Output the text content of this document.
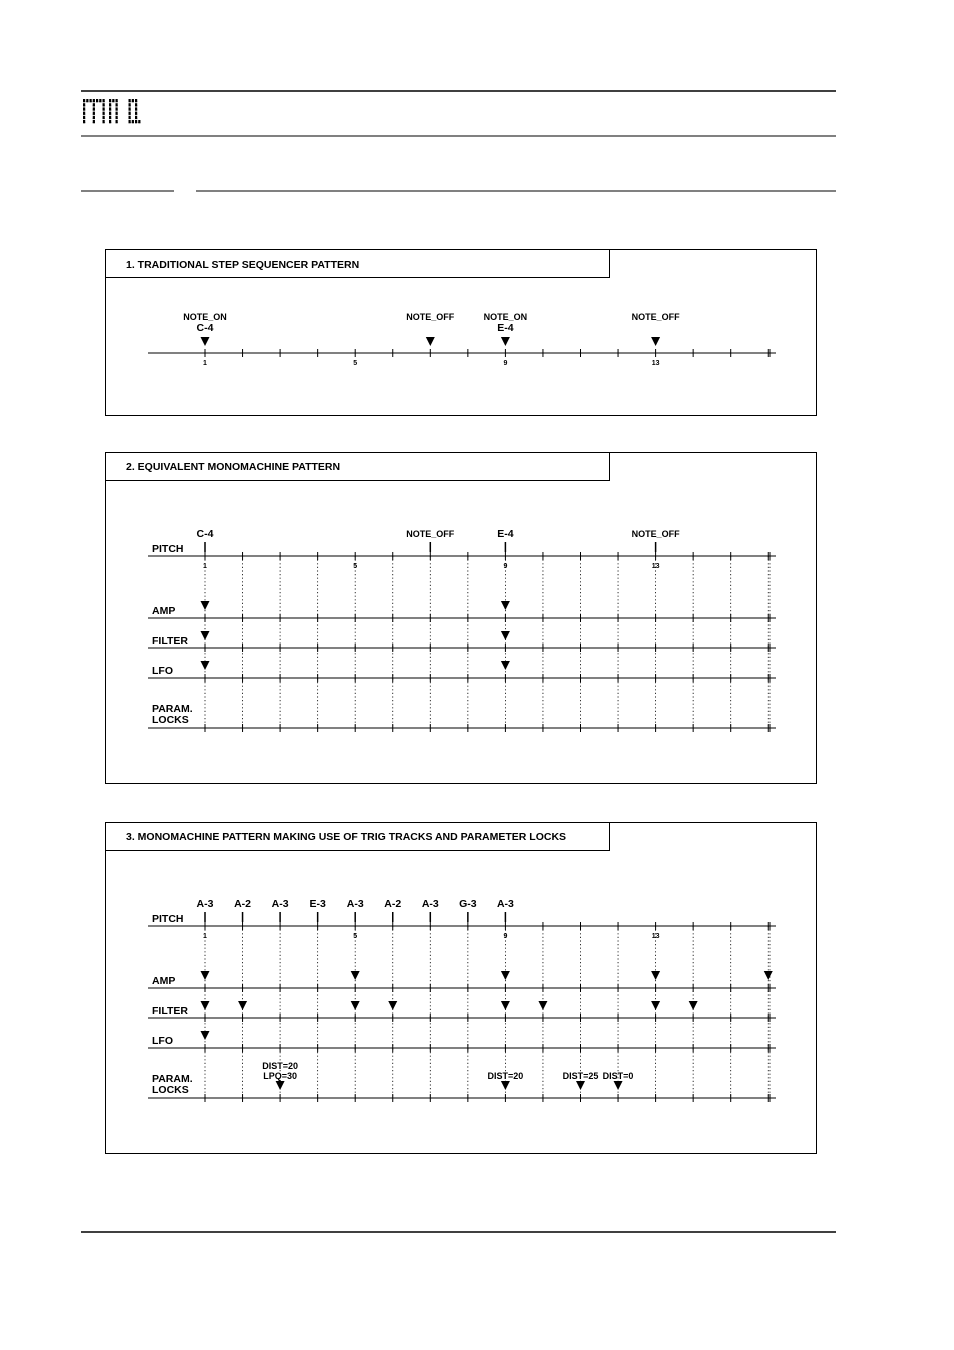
1. TRADITIONAL STEP SEQUENCER PATTERN
1	5	9	13
NOTE_ON
C-4
NOTE_OFF	NOTE_ON
E-4
NOTE_OFF
2. EQUIVALENT MONOMACHINE PATTERN
PITCH
1	5	9	13
C-4	NOTE_OFF	E-4	NOTE_OFF
AMP
FILTER
LFO
PARAM.
LOCKS
3. MONOMACHINE PATTERN MAKING USE OF TRIG TRACKS AND PARAMETER LOCKS
PITCH
1	5	9	13
A-3 A-2 A-3 E-3 A-3 A-2 A-3 G-3 A-3
AMP
FILTER
LFO
PARAM.
LOCKS
DIST=20
LPQ=30	DIST=20	DIST=25 DIST=0
